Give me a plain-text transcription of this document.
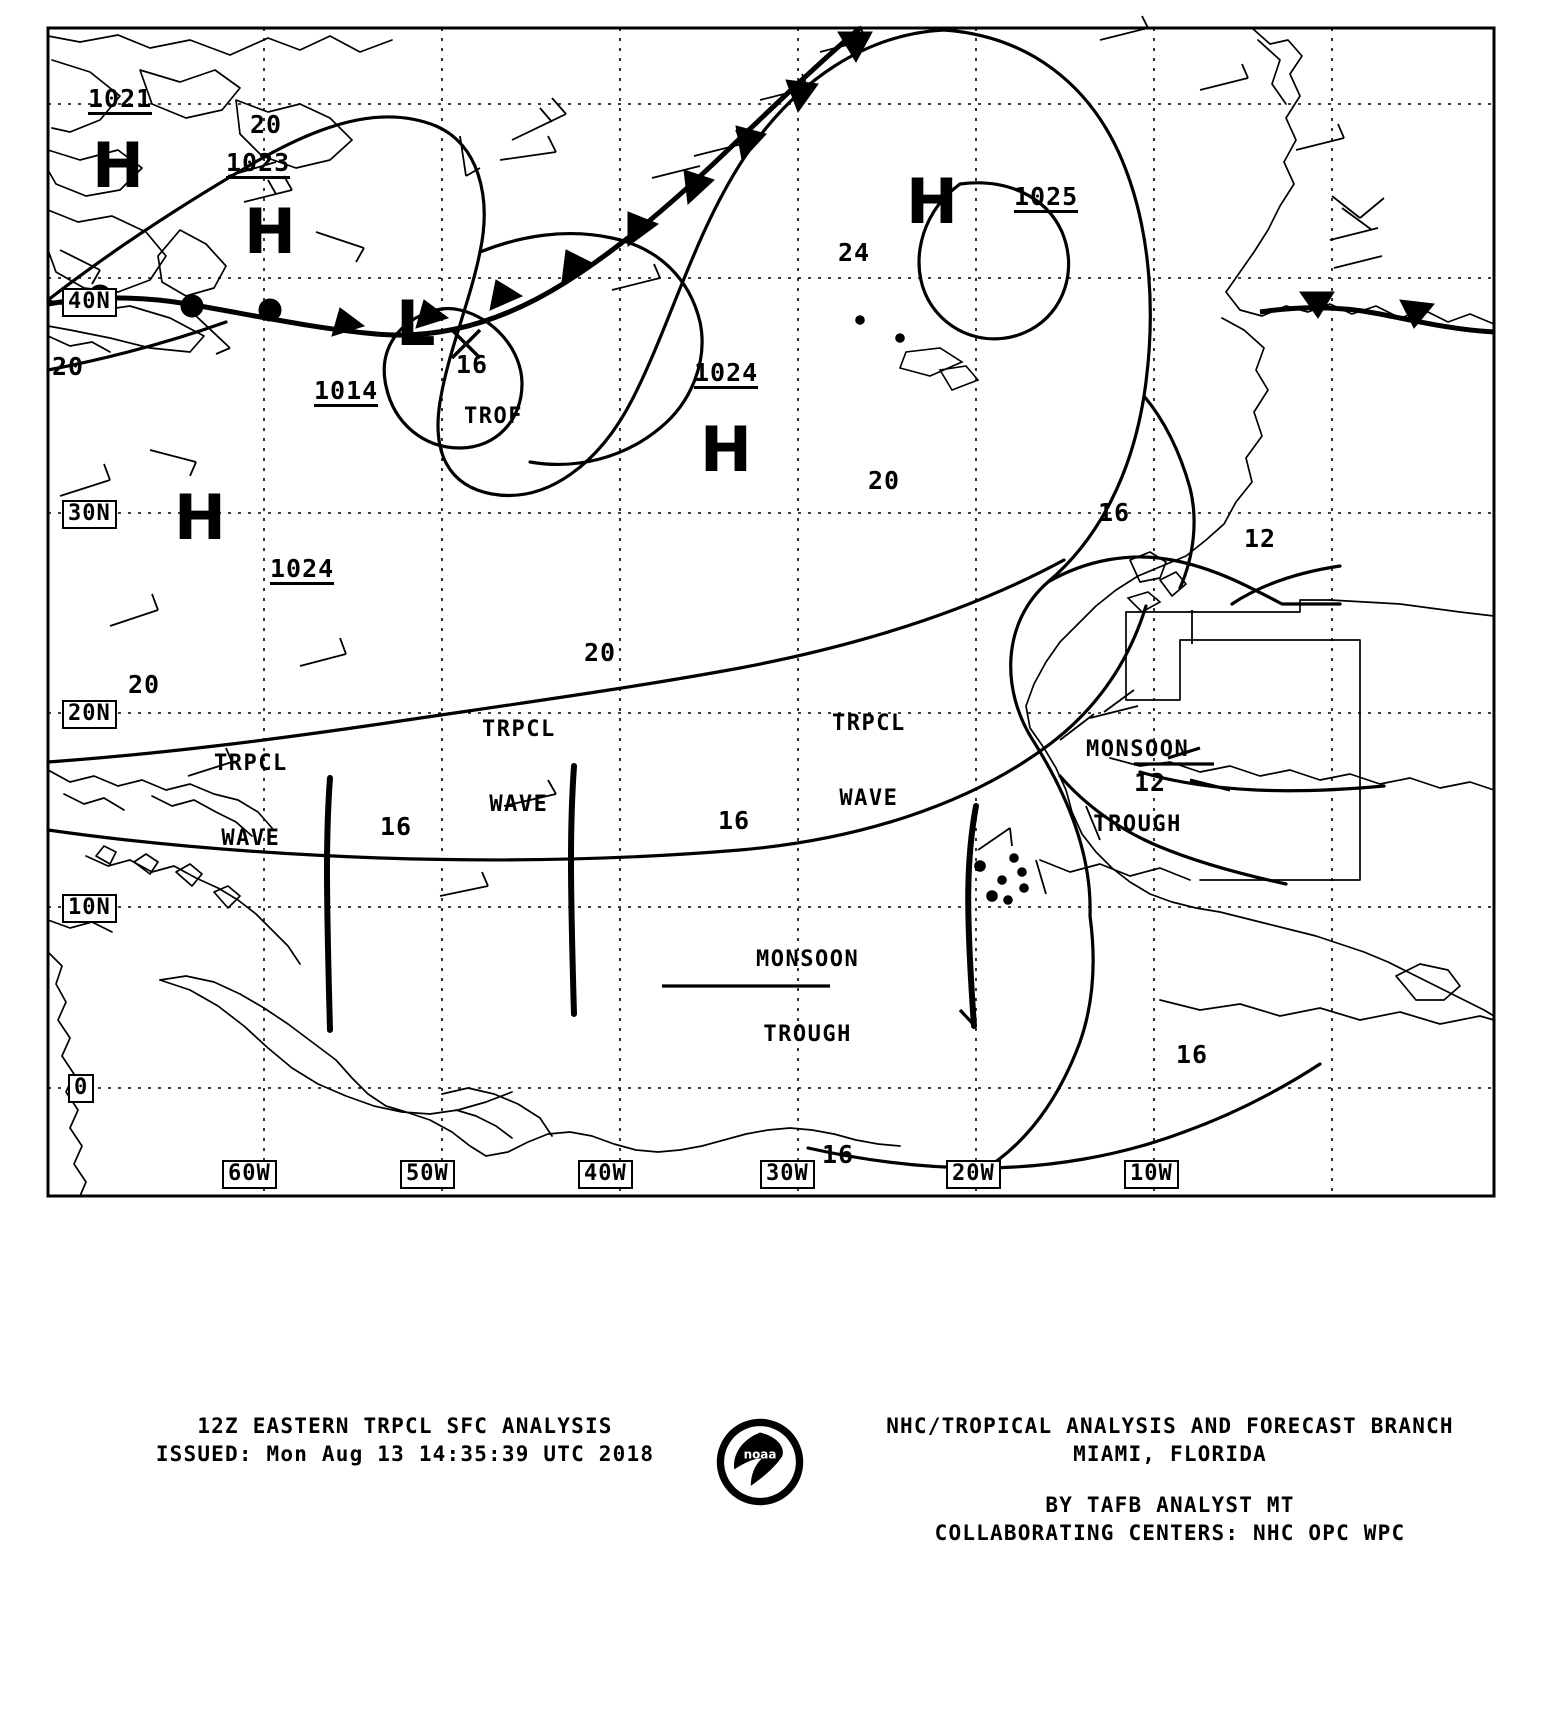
H
1021
H
1023
L
1014
H 1025
H
1024
H
1024
20
20
24
16
20
16
12
20
20
12
16	16
16
16
TROF

TRPCL

WAVE

TRPCL

WAVE

TRPCL

WAVE

MONSOON

TROUGH

MONSOON

TROUGH

40N
30N
20N
10N
0
60W	50W	40W	30W	20W	10W
12Z EASTERN TRPCL SFC ANALYSIS
ISSUED: Mon Aug 13 14:35:39 UTC 2018	noaa
NHC/TROPICAL ANALYSIS AND FORECAST BRANCH
MIAMI, FLORIDA
BY TAFB ANALYST MT
COLLABORATING CENTERS: NHC OPC WPC
